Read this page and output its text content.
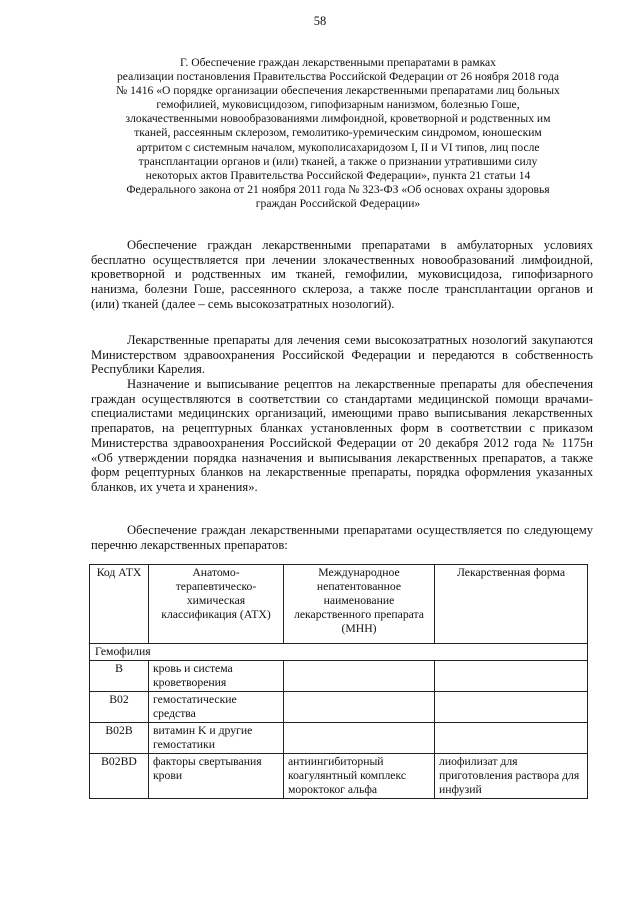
58
Г. Обеспечение граждан лекарственными препаратами в рамках
реализации постановления Правительства Российской Федерации от 26 ноября 2018 года
№ 1416 «О порядке организации обеспечения лекарственными препаратами лиц больных
гемофилией, муковисцидозом, гипофизарным нанизмом, болезнью Гоше,
злокачественными новообразованиями лимфоидной, кроветворной и родственных им
тканей, рассеянным склерозом, гемолитико-уремическим синдромом, юношеским
артритом с системным началом, мукополисахаридозом I, II и VI типов, лиц после
трансплантации органов и (или) тканей, а также о признании утратившими силу
некоторых актов Правительства Российской Федерации», пункта 21 статьи 14
Федерального закона от 21 ноября 2011 года № 323-ФЗ «Об основах охраны здоровья
граждан Российской Федерации»

Обеспечение граждан лекарственными препаратами в амбулаторных условиях бесплатно осуществляется при лечении злокачественных новообразований лимфоидной, кроветворной и родственных им тканей, гемофилии, муковисцидоза, гипофизарного нанизма, болезни Гоше, рассеянного склероза, а также после трансплантации органов и (или) тканей (далее – семь высокозатратных нозологий).

Лекарственные препараты для лечения семи высокозатратных нозологий закупаются Министерством здравоохранения Российской Федерации и передаются в собственность Республики Карелия.

Назначение и выписывание рецептов на лекарственные препараты для обеспечения граждан осуществляются в соответствии со стандартами медицинской помощи врачами-специалистами медицинских организаций, имеющими право выписывания лекарственных препаратов, на рецептурных бланках установленных форм в соответствии с приказом Министерства здравоохранения Российской Федерации от 20 декабря 2012 года № 1175н «Об утверждении порядка назначения и выписывания лекарственных препаратов, а также форм рецептурных бланков на лекарственные препараты, порядка оформления указанных бланков, их учета и хранения».

Обеспечение граждан лекарственными препаратами осуществляется по следующему перечню лекарственных препаратов:

Код АТХ	Анатомо-терапевтическо-химическая классификация (АТХ)	Международное непатентованное наименование лекарственного препарата (МНН)	Лекарственная форма
Гемофилия			
B	кровь и система кроветворения		
B02	гемостатические средства		
B02B	витамин K и другие гемостатики		
B02BD	факторы свертывания крови	антиингибиторный коагулянтный комплекс мороктоког альфа	лиофилизат для приготовления раствора для инфузий
